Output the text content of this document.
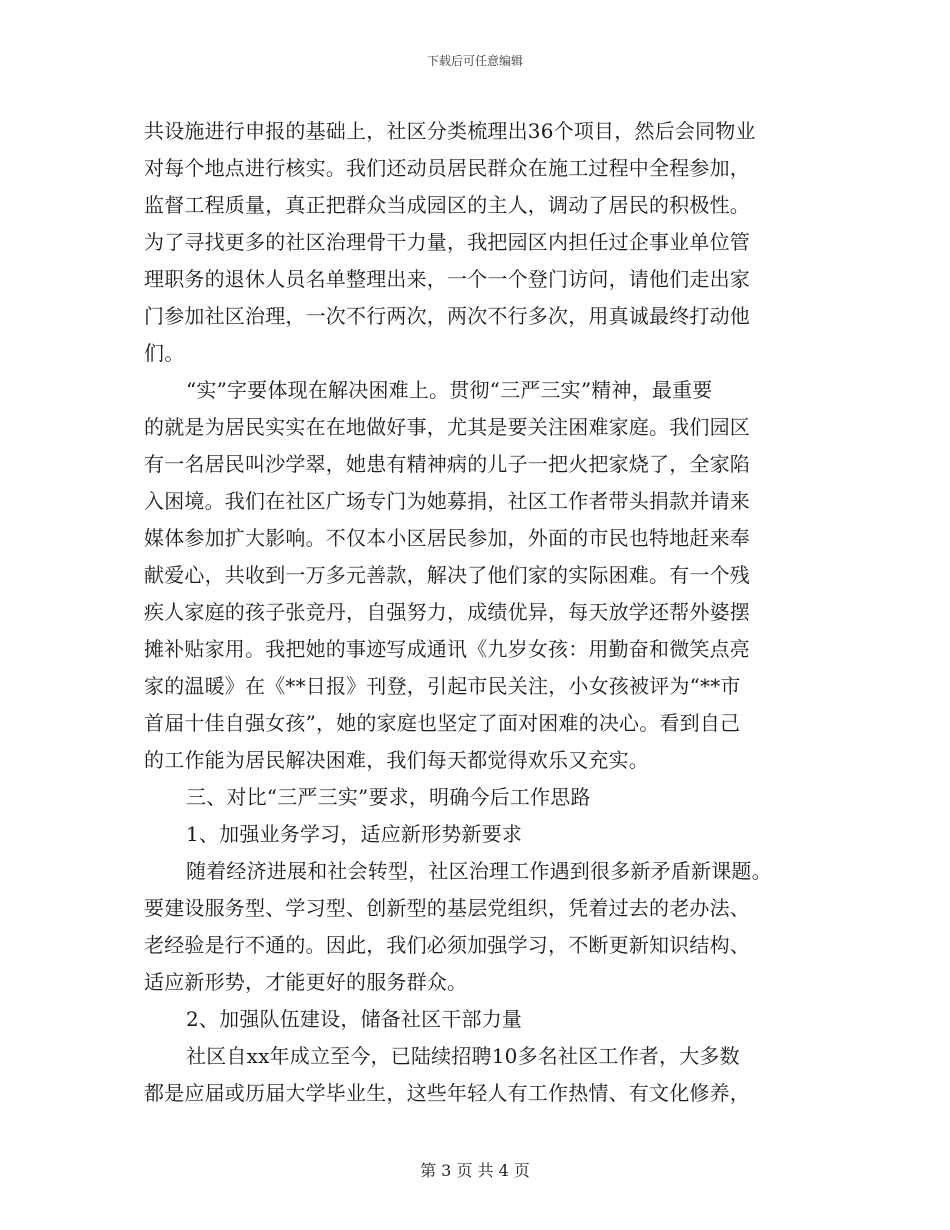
下载后可任意编辑
共设施进行申报的基础上，社区分类梳理出36个项目，然后会同物业
对每个地点进行核实。我们还动员居民群众在施工过程中全程参加，
监督工程质量，真正把群众当成园区的主人，调动了居民的积极性。
为了寻找更多的社区治理骨干力量，我把园区内担任过企事业单位管
理职务的退休人员名单整理出来，一个一个登门访问，请他们走出家
门参加社区治理，一次不行两次，两次不行多次，用真诚最终打动他
们。
“实”字要体现在解决困难上。贯彻“三严三实”精神，最重要
的就是为居民实实在在地做好事，尤其是要关注困难家庭。我们园区
有一名居民叫沙学翠，她患有精神病的儿子一把火把家烧了，全家陷
入困境。我们在社区广场专门为她募捐，社区工作者带头捐款并请来
媒体参加扩大影响。不仅本小区居民参加，外面的市民也特地赶来奉
献爱心，共收到一万多元善款，解决了他们家的实际困难。有一个残
疾人家庭的孩子张竞丹，自强努力，成绩优异，每天放学还帮外婆摆
摊补贴家用。我把她的事迹写成通讯《九岁女孩：用勤奋和微笑点亮
家的温暖》在《**日报》刊登，引起市民关注，小女孩被评为“**市
首届十佳自强女孩”，她的家庭也坚定了面对困难的决心。看到自己
的工作能为居民解决困难，我们每天都觉得欢乐又充实。
三、对比“三严三实”要求，明确今后工作思路
1、加强业务学习，适应新形势新要求
随着经济进展和社会转型，社区治理工作遇到很多新矛盾新课题。
要建设服务型、学习型、创新型的基层党组织，凭着过去的老办法、
老经验是行不通的。因此，我们必须加强学习，不断更新知识结构、
适应新形势，才能更好的服务群众。
2、加强队伍建设，储备社区干部力量
社区自xx年成立至今，已陆续招聘10多名社区工作者，大多数
都是应届或历届大学毕业生，这些年轻人有工作热情、有文化修养，
第 3 页 共 4 页
